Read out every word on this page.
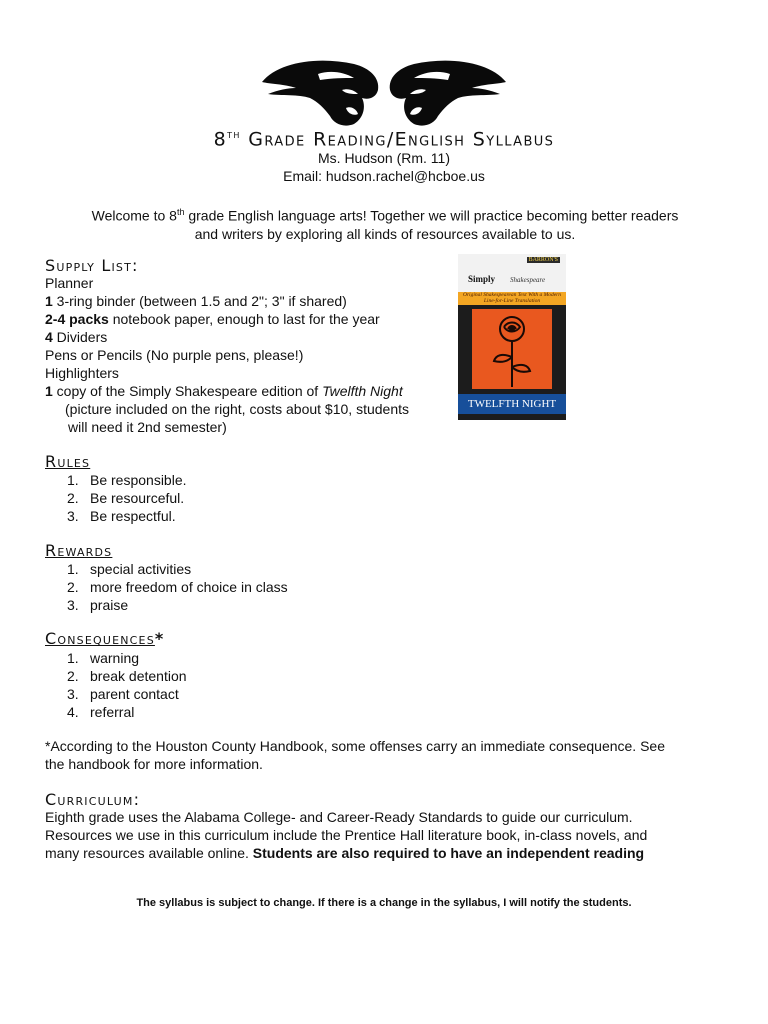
8th Grade Reading/English Syllabus
Ms. Hudson (Rm. 11)
Email: hudson.rachel@hcboe.us
Welcome to 8th grade English language arts! Together we will practice becoming better readers
and writers by exploring all kinds of resources available to us.
Supply List:
Planner
1 3-ring binder (between 1.5 and 2"; 3" if shared)
2-4 packs notebook paper, enough to last for the year
4 Dividers
Pens or Pencils (No purple pens, please!)
Highlighters
1 copy of the Simply Shakespeare edition of Twelfth Night
(picture included on the right, costs about $10, students
will need it 2nd semester)
BARRON'S
Simply Shakespeare
Original Shakespearean Text With a Modern Line-for-Line Translation
TWELFTH NIGHT
Rules
1. Be responsible.
2. Be resourceful.
3. Be respectful.
Rewards
1. special activities
2. more freedom of choice in class
3. praise
Consequences*
1. warning
2. break detention
3. parent contact
4. referral
*According to the Houston County Handbook, some offenses carry an immediate consequence. See
the handbook for more information.
Curriculum:
Eighth grade uses the Alabama College- and Career-Ready Standards to guide our curriculum.
Resources we use in this curriculum include the Prentice Hall literature book, in-class novels, and
many resources available online. Students are also required to have an independent reading
The syllabus is subject to change. If there is a change in the syllabus, I will notify the students.
